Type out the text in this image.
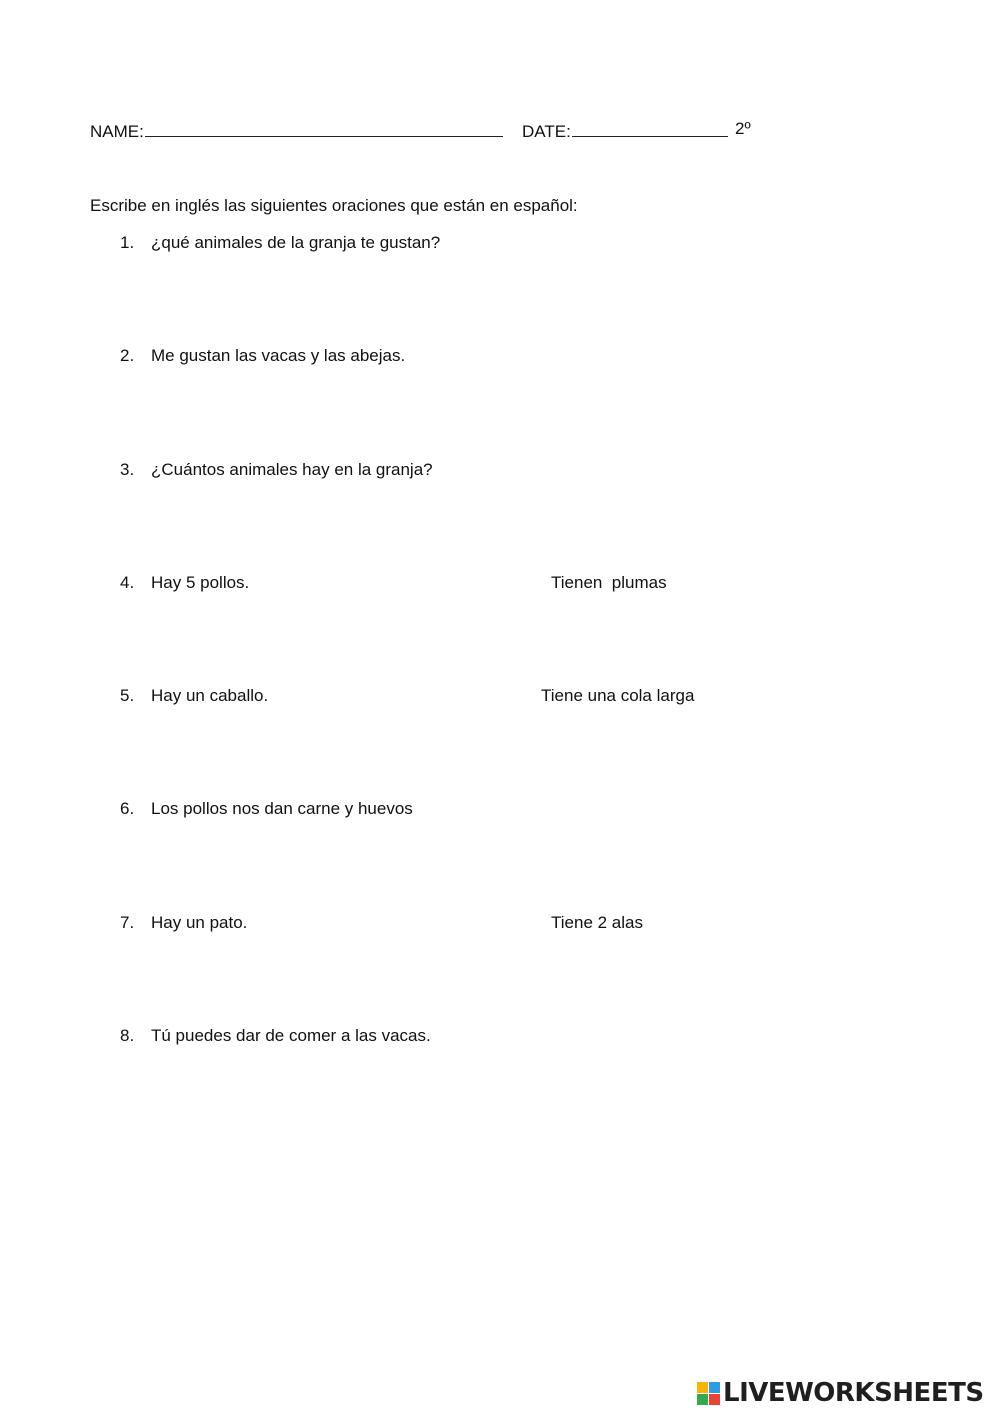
NAME:	DATE:	2º
Escribe en inglés las siguientes oraciones que están en español:
1. ¿qué animales de la granja te gustan?
2. Me gustan las vacas y las abejas.
3. ¿Cuántos animales hay en la granja?
4. Hay 5 pollos.	Tienen  plumas
5. Hay un caballo.	Tiene una cola larga
6. Los pollos nos dan carne y huevos
7. Hay un pato.	Tiene 2 alas
8. Tú puedes dar de comer a las vacas.
LIVEWORKSHEETS
